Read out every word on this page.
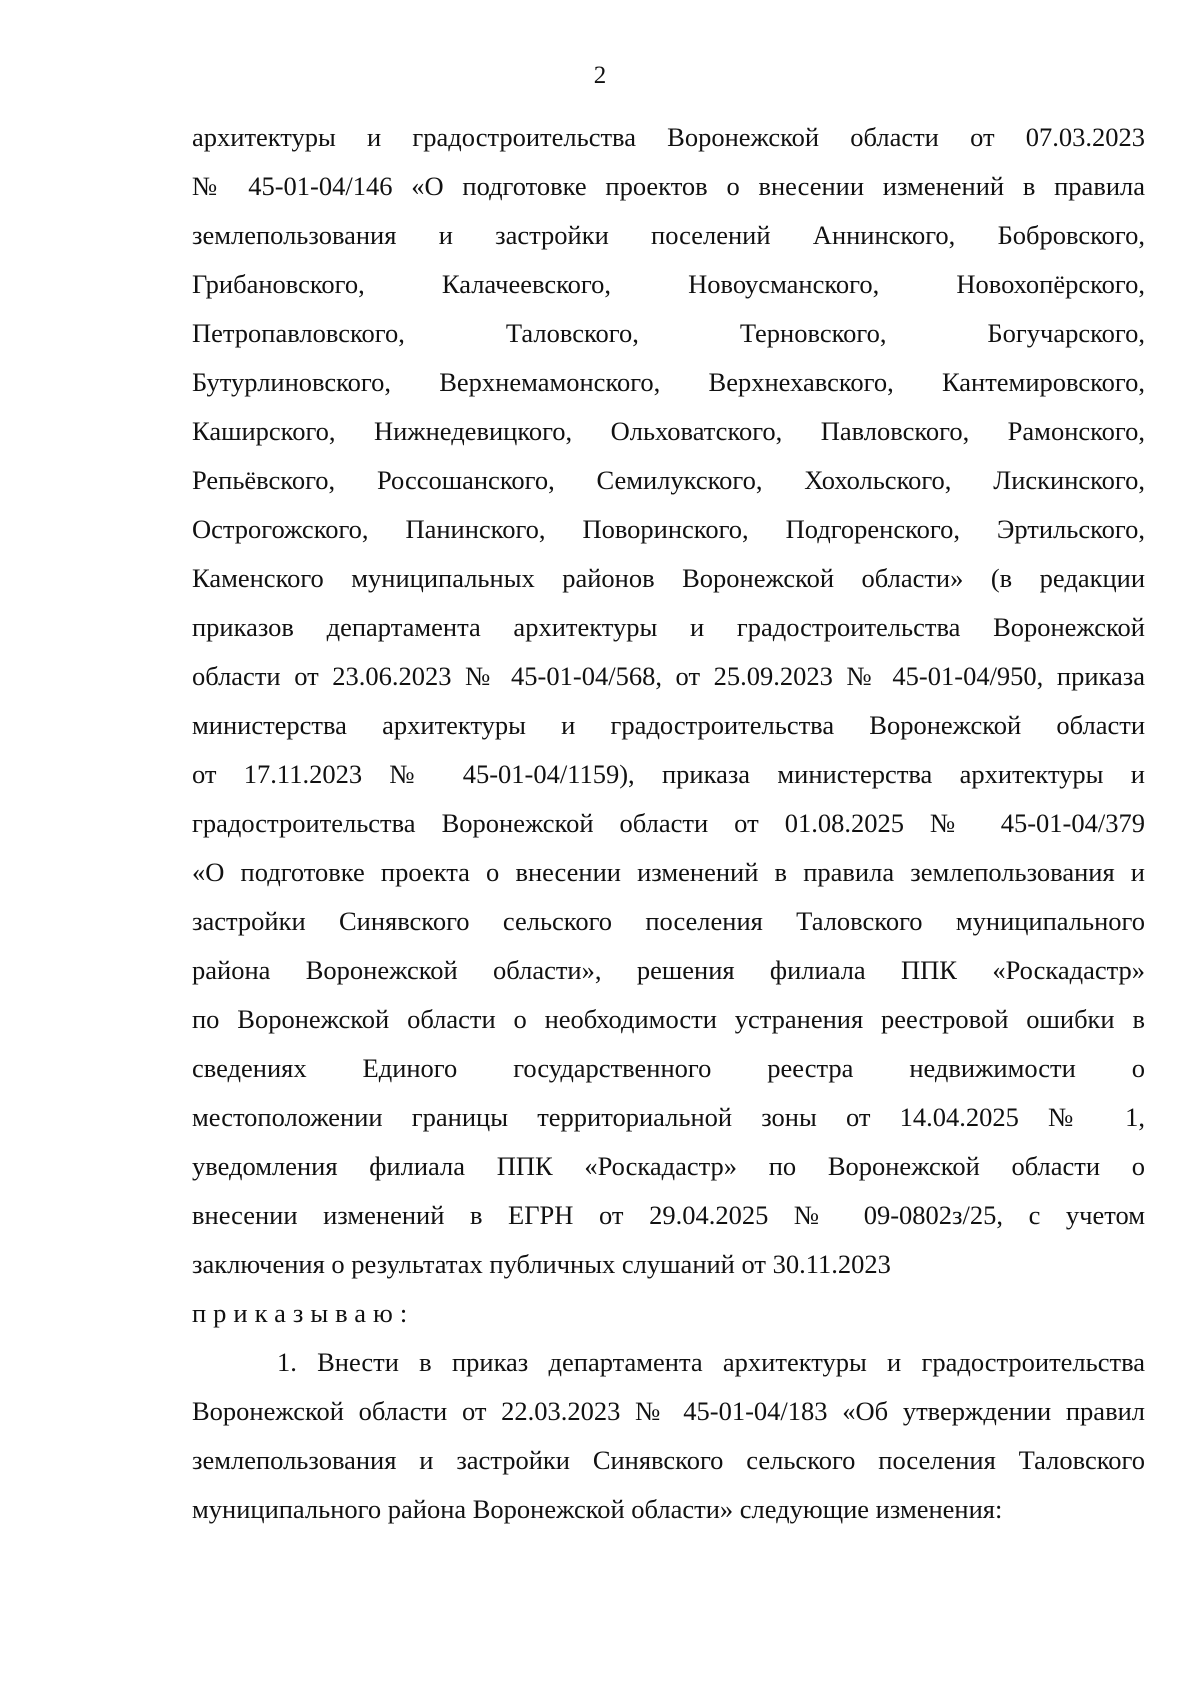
2
архитектуры и градостроительства Воронежской области от 07.03.2023
№ 45-01-04/146 «О подготовке проектов о внесении изменений в правила
землепользования и застройки поселений Аннинского, Бобровского,
Грибановского, Калачеевского, Новоусманского, Новохопёрского,
Петропавловского, Таловского, Терновского, Богучарского,
Бутурлиновского, Верхнемамонского, Верхнехавского, Кантемировского,
Каширского, Нижнедевицкого, Ольховатского, Павловского, Рамонского,
Репьёвского, Россошанского, Семилукского, Хохольского, Лискинского,
Острогожского, Панинского, Поворинского, Подгоренского, Эртильского,
Каменского муниципальных районов Воронежской области» (в редакции
приказов департамента архитектуры и градостроительства Воронежской
области от 23.06.2023 № 45-01-04/568, от 25.09.2023 № 45-01-04/950, приказа
министерства архитектуры и градостроительства Воронежской области
от 17.11.2023 № 45-01-04/1159), приказа министерства архитектуры и
градостроительства Воронежской области от 01.08.2025 № 45-01-04/379
«О подготовке проекта о внесении изменений в правила землепользования и
застройки Синявского сельского поселения Таловского муниципального
района Воронежской области», решения филиала ППК «Роскадастр»
по Воронежской области о необходимости устранения реестровой ошибки в
сведениях Единого государственного реестра недвижимости о
местоположении границы территориальной зоны от 14.04.2025 № 1,
уведомления филиала ППК «Роскадастр» по Воронежской области о
внесении изменений в ЕГРН от 29.04.2025 № 09-0802з/25, с учетом
заключения о результатах публичных слушаний от 30.11.2023
приказываю:
1. Внести в приказ департамента архитектуры и градостроительства
Воронежской области от 22.03.2023 № 45-01-04/183 «Об утверждении правил
землепользования и застройки Синявского сельского поселения Таловского
муниципального района Воронежской области» следующие изменения:
